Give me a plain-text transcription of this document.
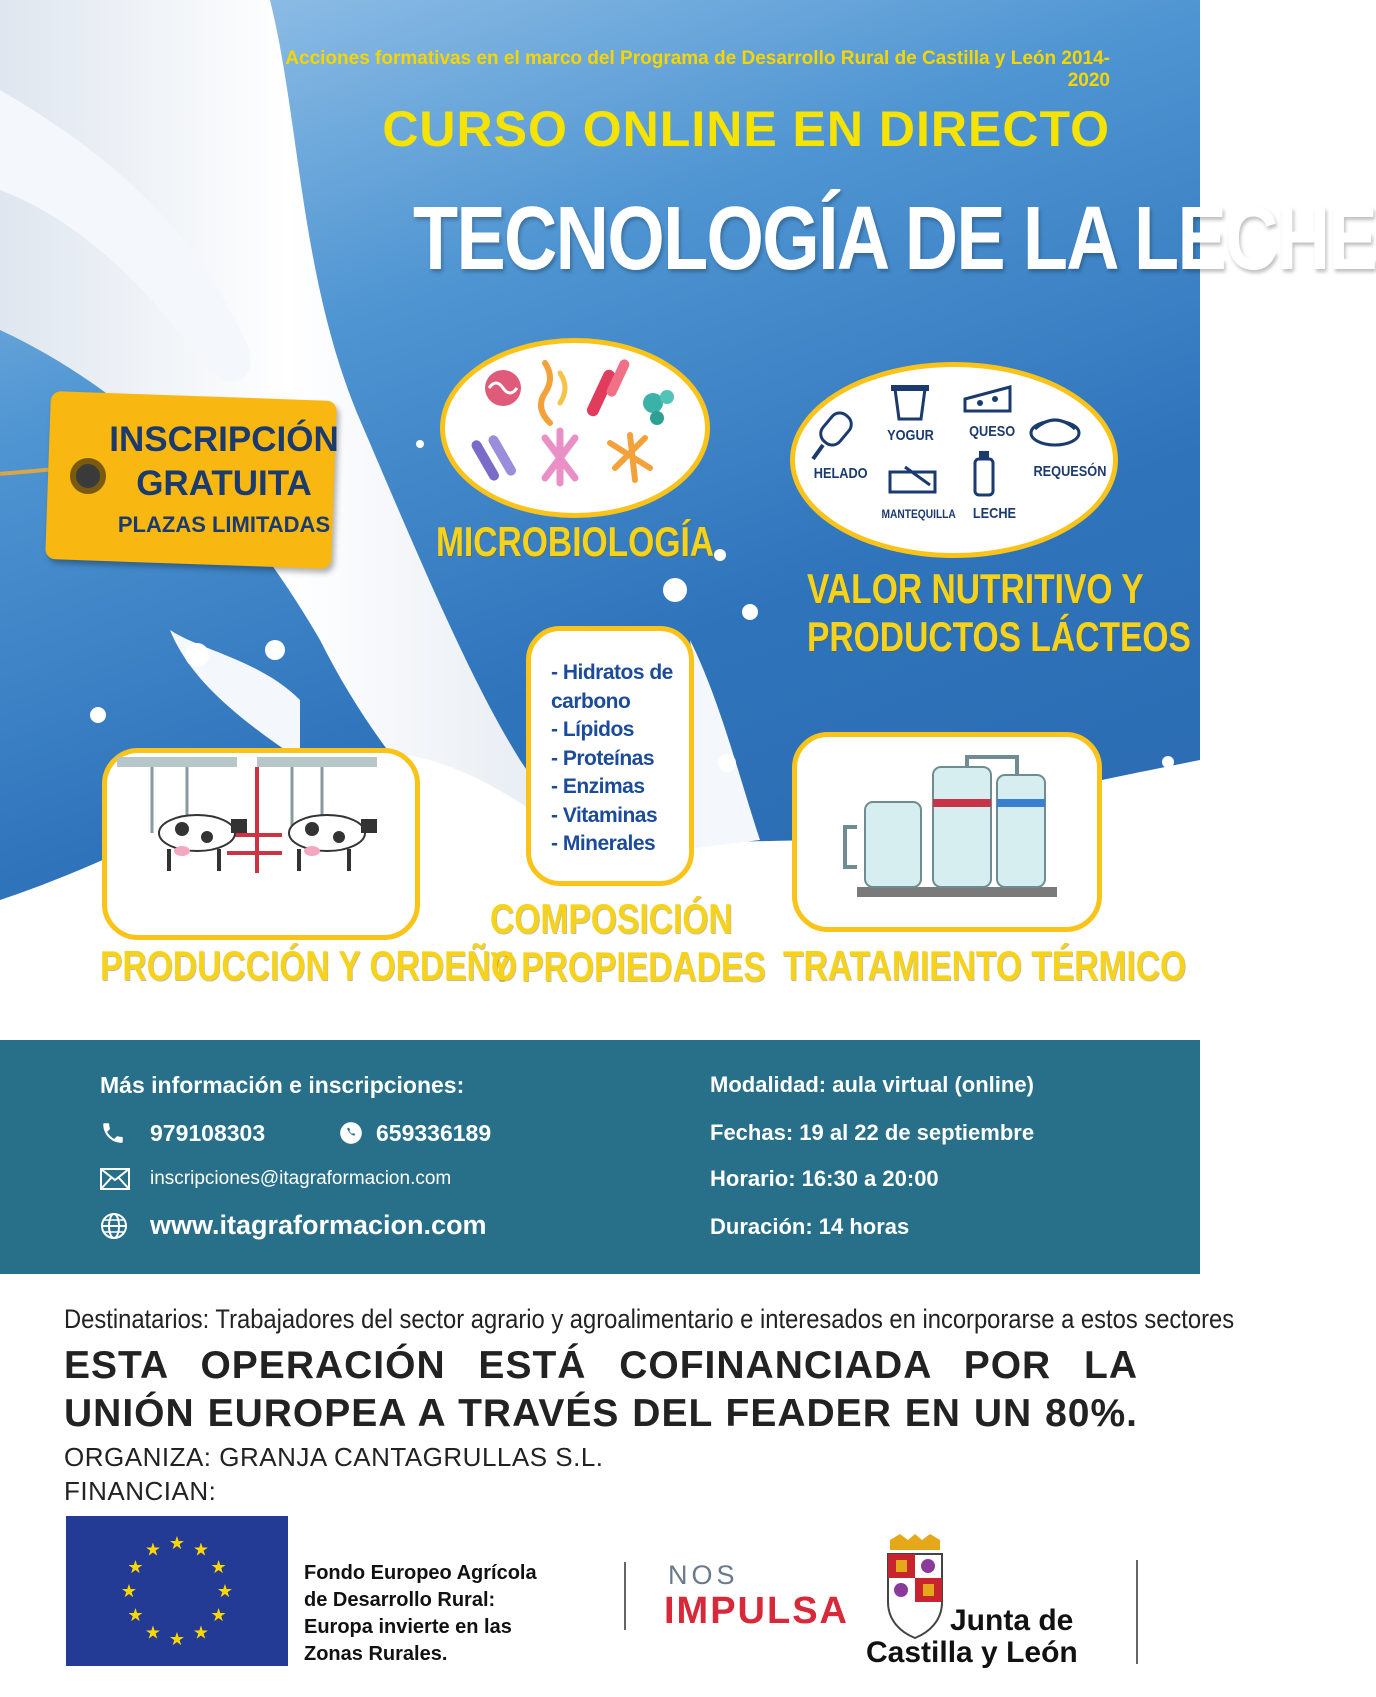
Acciones formativas en el marco del Programa de Desarrollo Rural de Castilla y León 2014-2020
CURSO ONLINE EN DIRECTO
TECNOLOGÍA DE LA LECHE
INSCRIPCIÓN
GRATUITA
PLAZAS LIMITADAS	MICROBIOLOGÍA
YOGUR QUESO
HELADO	REQUESÓN
MANTEQUILLA LECHE
VALOR NUTRITIVO Y
PRODUCTOS LÁCTEOS
- Hidratos de
carbono
- Lípidos
- Proteínas
- Enzimas
- Vitaminas
- Minerales
COMPOSICIÓN
Y PROPIEDADES
PRODUCCIÓN Y ORDEÑO	TRATAMIENTO TÉRMICO
Más información e inscripciones:
979108303	659336189
inscripciones@itagraformacion.com
www.itagraformacion.com
Modalidad: aula virtual (online)
Fechas: 19 al 22 de septiembre
Horario: 16:30 a 20:00
Duración: 14 horas
Destinatarios: Trabajadores del sector agrario y agroalimentario e interesados en incorporarse a estos sectores
ESTA OPERACIÓN ESTÁ COFINANCIADA POR LA
UNIÓN EUROPEA A TRAVÉS DEL FEADER EN UN 80%.
ORGANIZA: GRANJA CANTAGRULLAS S.L.
FINANCIAN:
★ ★
★
★
★
★
★
★
★
★
★
★
Fondo Europeo Agrícola
de Desarrollo Rural:
Europa invierte en las
Zonas Rurales.
NOS
IMPULSA	Junta de
Castilla y León
